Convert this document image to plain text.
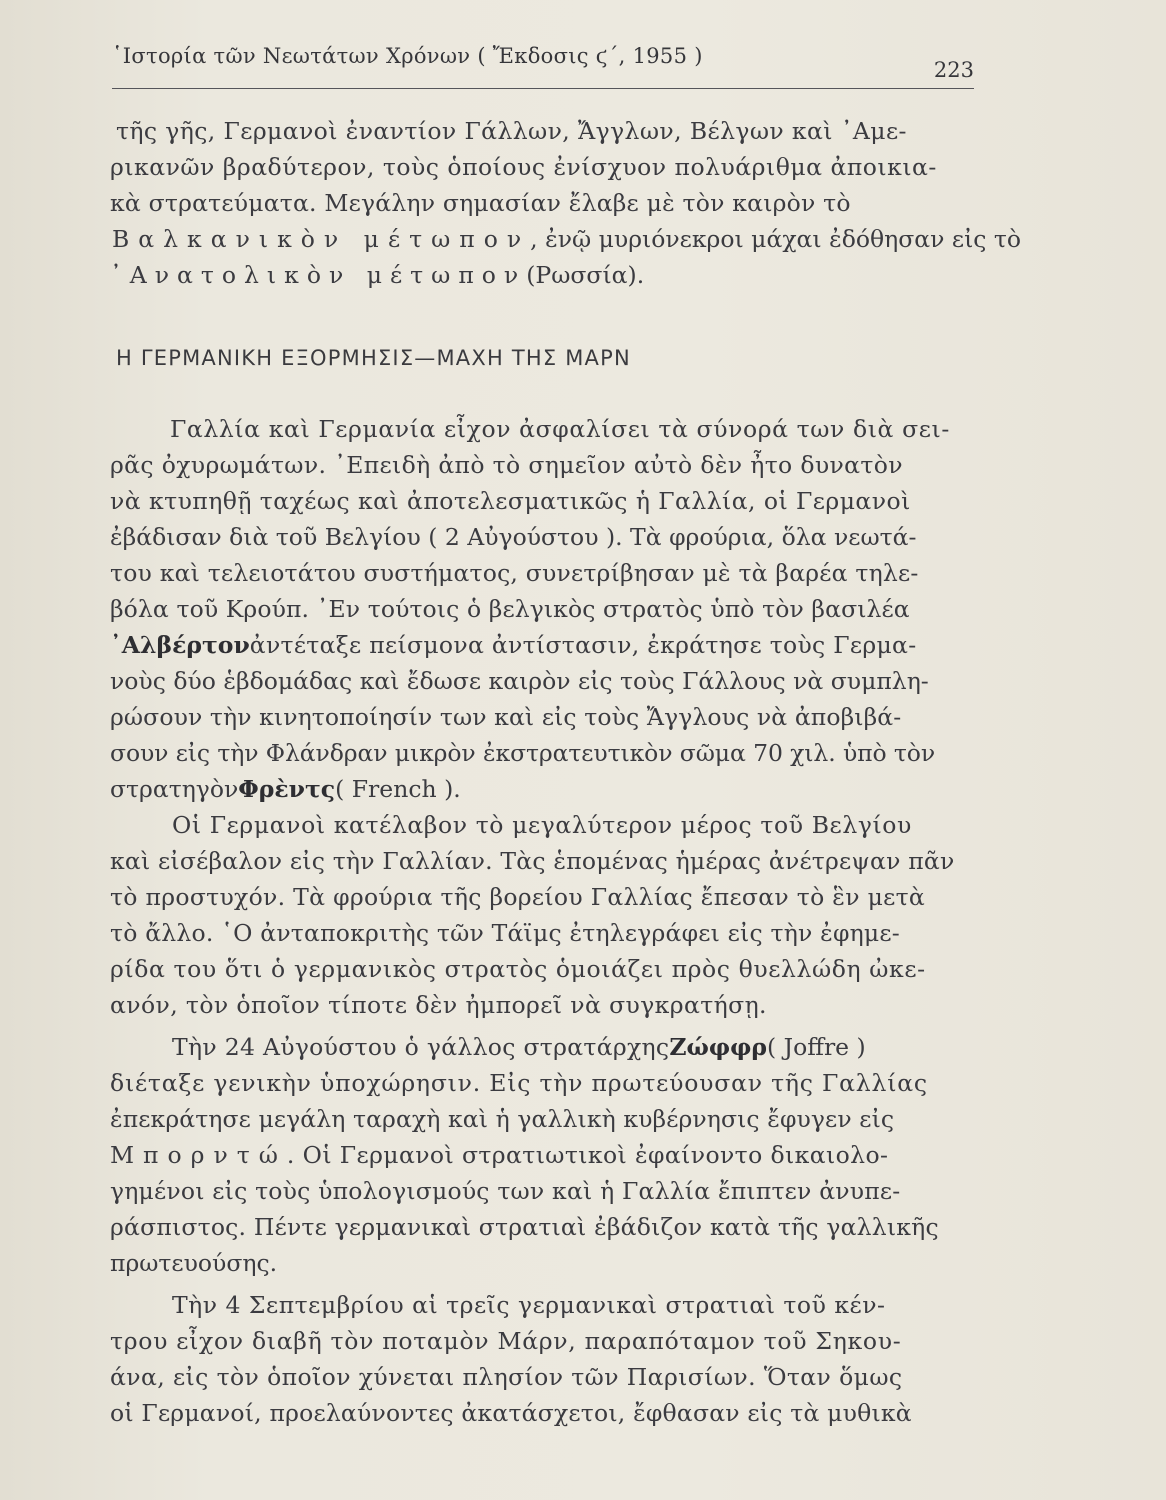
῾Ιστορία τῶν Νεωτάτων Χρόνων ( Ἔκδοσις ϛ΄, 1955 )
223
τῆς γῆς, Γερμανοὶ ἐναντίον Γάλλων, Ἄγγλων, Βέλγων καὶ ᾿Αμε-
ρικανῶν βραδύτερον, τοὺς ὁποίους ἐνίσχυον πολυάριθμα ἀποικια-
κὰ στρατεύματα. Μεγάλην σημασίαν ἔλαβε μὲ τὸν καιρὸν τὸ
Βαλκανικὸν μέτωπον, ἐνῷ μυριόνεκροι μάχαι ἐδόθησαν εἰς τὸ
᾿Ανατολικὸν μέτωπον(Ρωσσία).
Η ΓΕΡΜΑΝΙΚΗ ΕΞΟΡΜΗΣΙΣ—ΜΑΧΗ ΤΗΣ ΜΑΡΝ
Γαλλία καὶ Γερμανία εἶχον ἀσφαλίσει τὰ σύνορά των διὰ σει-
ρᾶς ὀχυρωμάτων. ᾿Επειδὴ ἀπὸ τὸ σημεῖον αὐτὸ δὲν ἦτο δυνατὸν
νὰ κτυπηθῇ ταχέως καὶ ἀποτελεσματικῶς ἡ Γαλλία, οἱ Γερμανοὶ
ἐβάδισαν διὰ τοῦ Βελγίου ( 2 Αὐγούστου ). Τὰ φρούρια, ὅλα νεωτά-
του καὶ τελειοτάτου συστήματος, συνετρίβησαν μὲ τὰ βαρέα τηλε-
βόλα τοῦ Κρούπ. ᾿Εν τούτοις ὁ βελγικὸς στρατὸς ὑπὸ τὸν βασιλέα
᾿Αλβέρτονἀντέταξε πείσμονα ἀντίστασιν, ἐκράτησε τοὺς Γερμα-
νοὺς δύο ἑβδομάδας καὶ ἔδωσε καιρὸν εἰς τοὺς Γάλλους νὰ συμπλη-
ρώσουν τὴν κινητοποίησίν των καὶ εἰς τοὺς Ἄγγλους νὰ ἀποβιβά-
σουν εἰς τὴν Φλάνδραν μικρὸν ἐκστρατευτικὸν σῶμα 70 χιλ. ὑπὸ τὸν
στρατηγὸνΦρὲντς( French ).
Οἱ Γερμανοὶ κατέλαβον τὸ μεγαλύτερον μέρος τοῦ Βελγίου
καὶ εἰσέβαλον εἰς τὴν Γαλλίαν. Τὰς ἑπομένας ἡμέρας ἀνέτρεψαν πᾶν
τὸ προστυχόν. Τὰ φρούρια τῆς βορείου Γαλλίας ἔπεσαν τὸ ἓν μετὰ
τὸ ἄλλο. ῾Ο ἀνταποκριτὴς τῶν Τάϊμς ἐτηλεγράφει εἰς τὴν ἐφημε-
ρίδα του ὅτι ὁ γερμανικὸς στρατὸς ὁμοιάζει πρὸς θυελλώδη ὠκε-
ανόν, τὸν ὁποῖον τίποτε δὲν ἠμπορεῖ νὰ συγκρατήσῃ.
Τὴν 24 Αὐγούστου ὁ γάλλος στρατάρχηςΖώφφρ( Joffre )
διέταξε γενικὴν ὑποχώρησιν. Εἰς τὴν πρωτεύουσαν τῆς Γαλλίας
ἐπεκράτησε μεγάλη ταραχὴ καὶ ἡ γαλλικὴ κυβέρνησις ἔφυγεν εἰς
Μπορντώ. Οἱ Γερμανοὶ στρατιωτικοὶ ἐφαίνοντο δικαιολο-
γημένοι εἰς τοὺς ὑπολογισμούς των καὶ ἡ Γαλλία ἔπιπτεν ἀνυπε-
ράσπιστος. Πέντε γερμανικαὶ στρατιαὶ ἐβάδιζον κατὰ τῆς γαλλικῆς
πρωτευούσης.
Τὴν 4 Σεπτεμβρίου αἱ τρεῖς γερμανικαὶ στρατιαὶ τοῦ κέν-
τρου εἶχον διαβῆ τὸν ποταμὸν Μάρν, παραπόταμον τοῦ Σηκου-
άνα, εἰς τὸν ὁποῖον χύνεται πλησίον τῶν Παρισίων. Ὅταν ὅμως
οἱ Γερμανοί, προελαύνοντες ἀκατάσχετοι, ἔφθασαν εἰς τὰ μυθικὰ
